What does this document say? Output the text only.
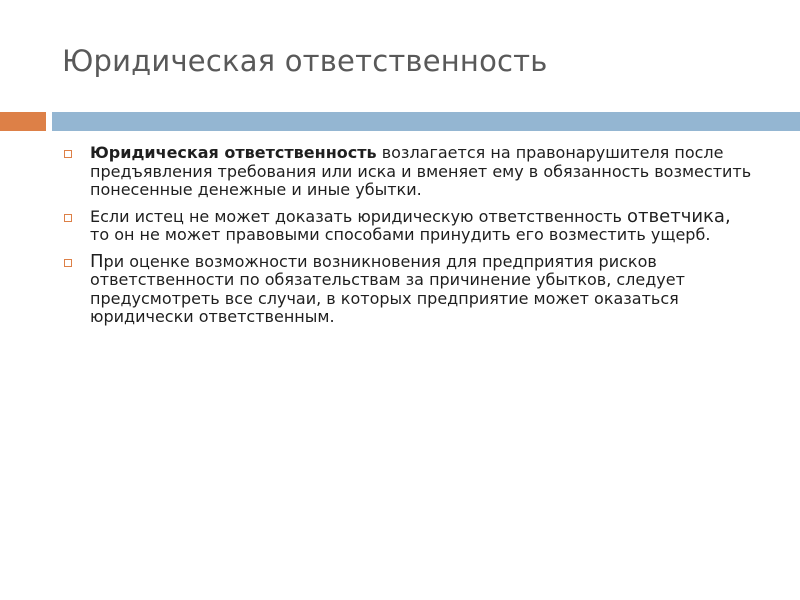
Юридическая ответственность
Юридическая ответственность возлагается на правонарушителя после предъявления требования или иска и вменяет ему в обязанность возместить понесенные денежные и иные убытки.
Если истец не может доказать юридическую ответственность ответчика, то он не может правовыми способами принудить его возместить ущерб.
При оценке возможности возникновения для предприятия рисков ответственности по обязательствам за причинение убытков, следует предусмотреть все случаи, в которых предприятие может оказаться юридически ответственным.
